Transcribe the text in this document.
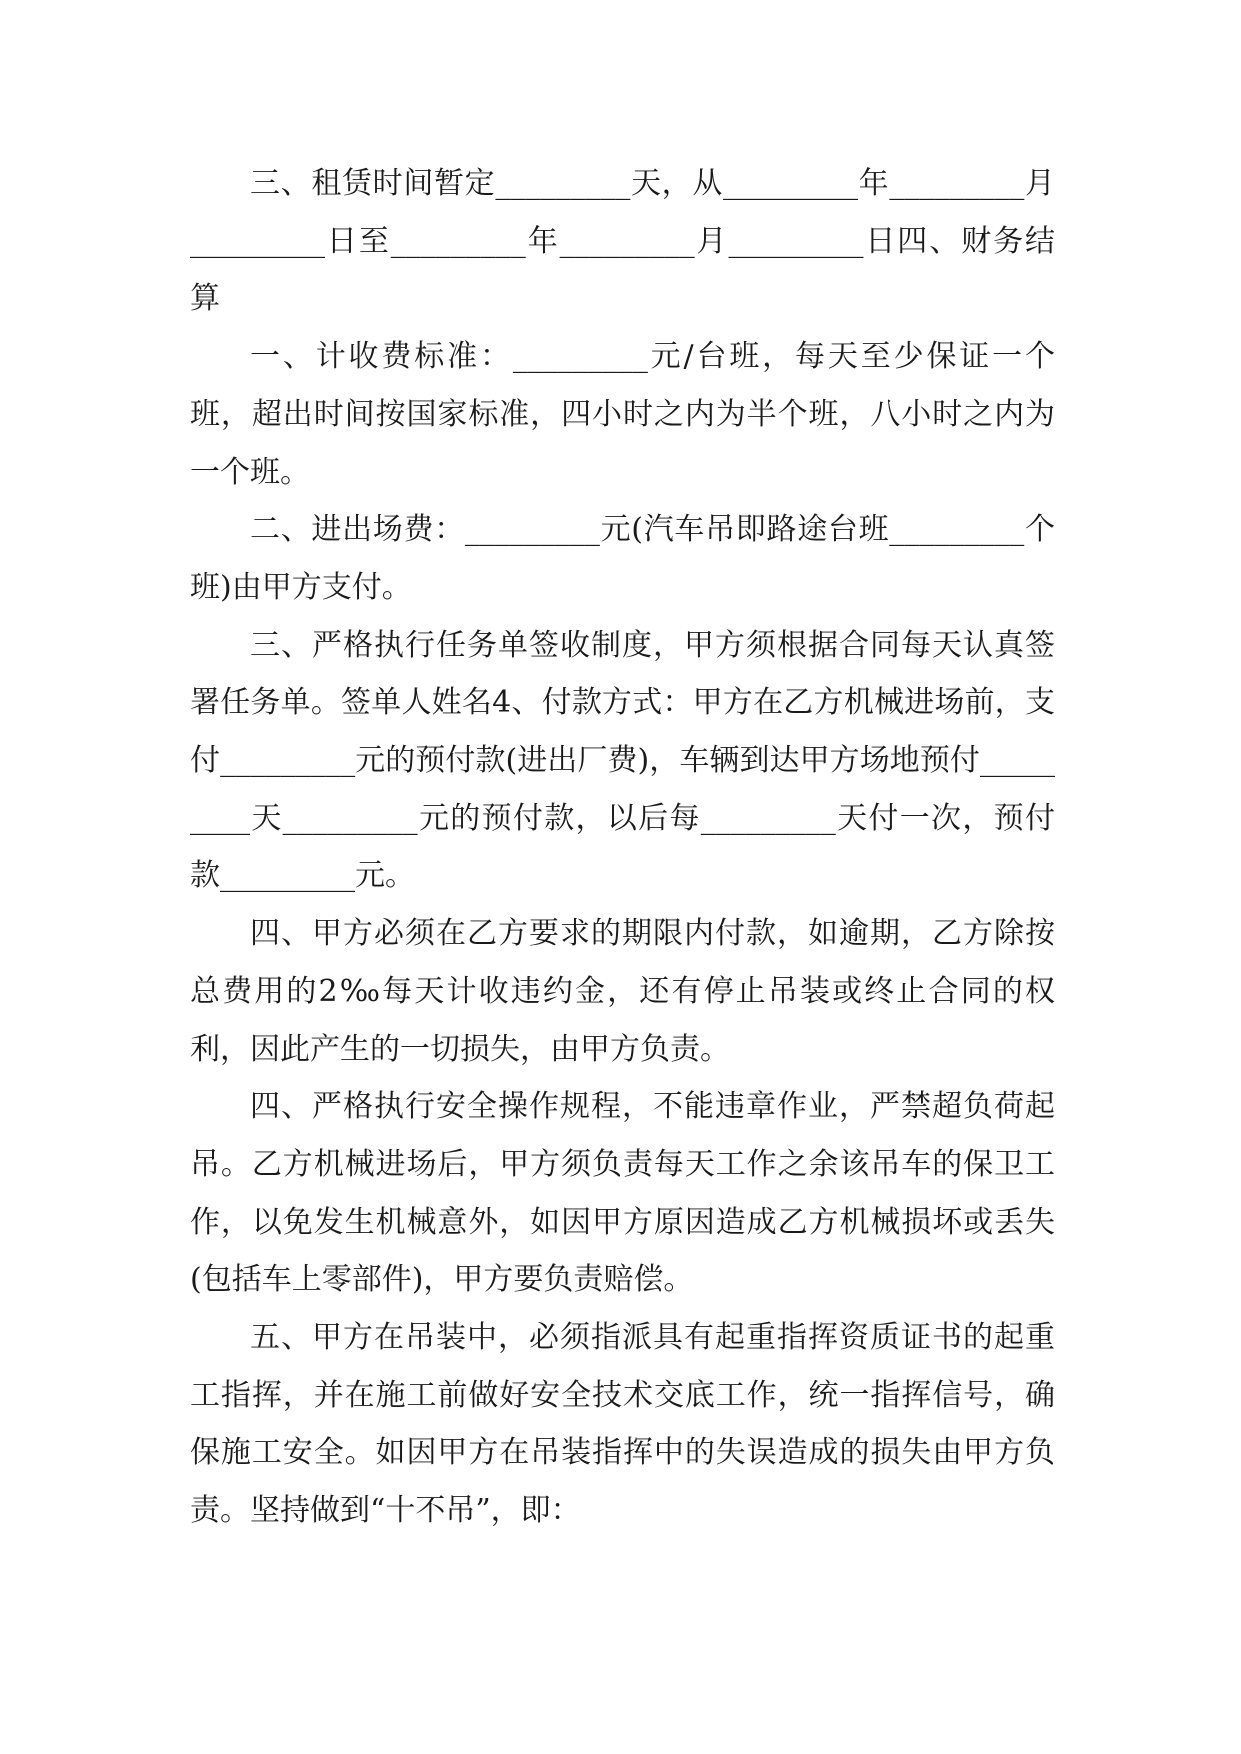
三、租赁时间暂定_________天，从_________年_________月_________日至_________年_________月_________日四、财务结算

一、计收费标准：_________元/台班，每天至少保证一个班，超出时间按国家标准，四小时之内为半个班，八小时之内为一个班。

二、进出场费：_________元(汽车吊即路途台班_________个班)由甲方支付。

三、严格执行任务单签收制度，甲方须根据合同每天认真签署任务单。签单人姓名4、付款方式：甲方在乙方机械进场前，支付_________元的预付款(进出厂费)，车辆到达甲方场地预付_________天_________元的预付款，以后每_________天付一次，预付款_________元。

四、甲方必须在乙方要求的期限内付款，如逾期，乙方除按总费用的2‰每天计收违约金，还有停止吊装或终止合同的权利，因此产生的一切损失，由甲方负责。

四、严格执行安全操作规程，不能违章作业，严禁超负荷起吊。乙方机械进场后，甲方须负责每天工作之余该吊车的保卫工作，以免发生机械意外，如因甲方原因造成乙方机械损坏或丢失(包括车上零部件)，甲方要负责赔偿。

五、甲方在吊装中，必须指派具有起重指挥资质证书的起重工指挥，并在施工前做好安全技术交底工作，统一指挥信号，确保施工安全。如因甲方在吊装指挥中的失误造成的损失由甲方负责。坚持做到“十不吊”，即：
